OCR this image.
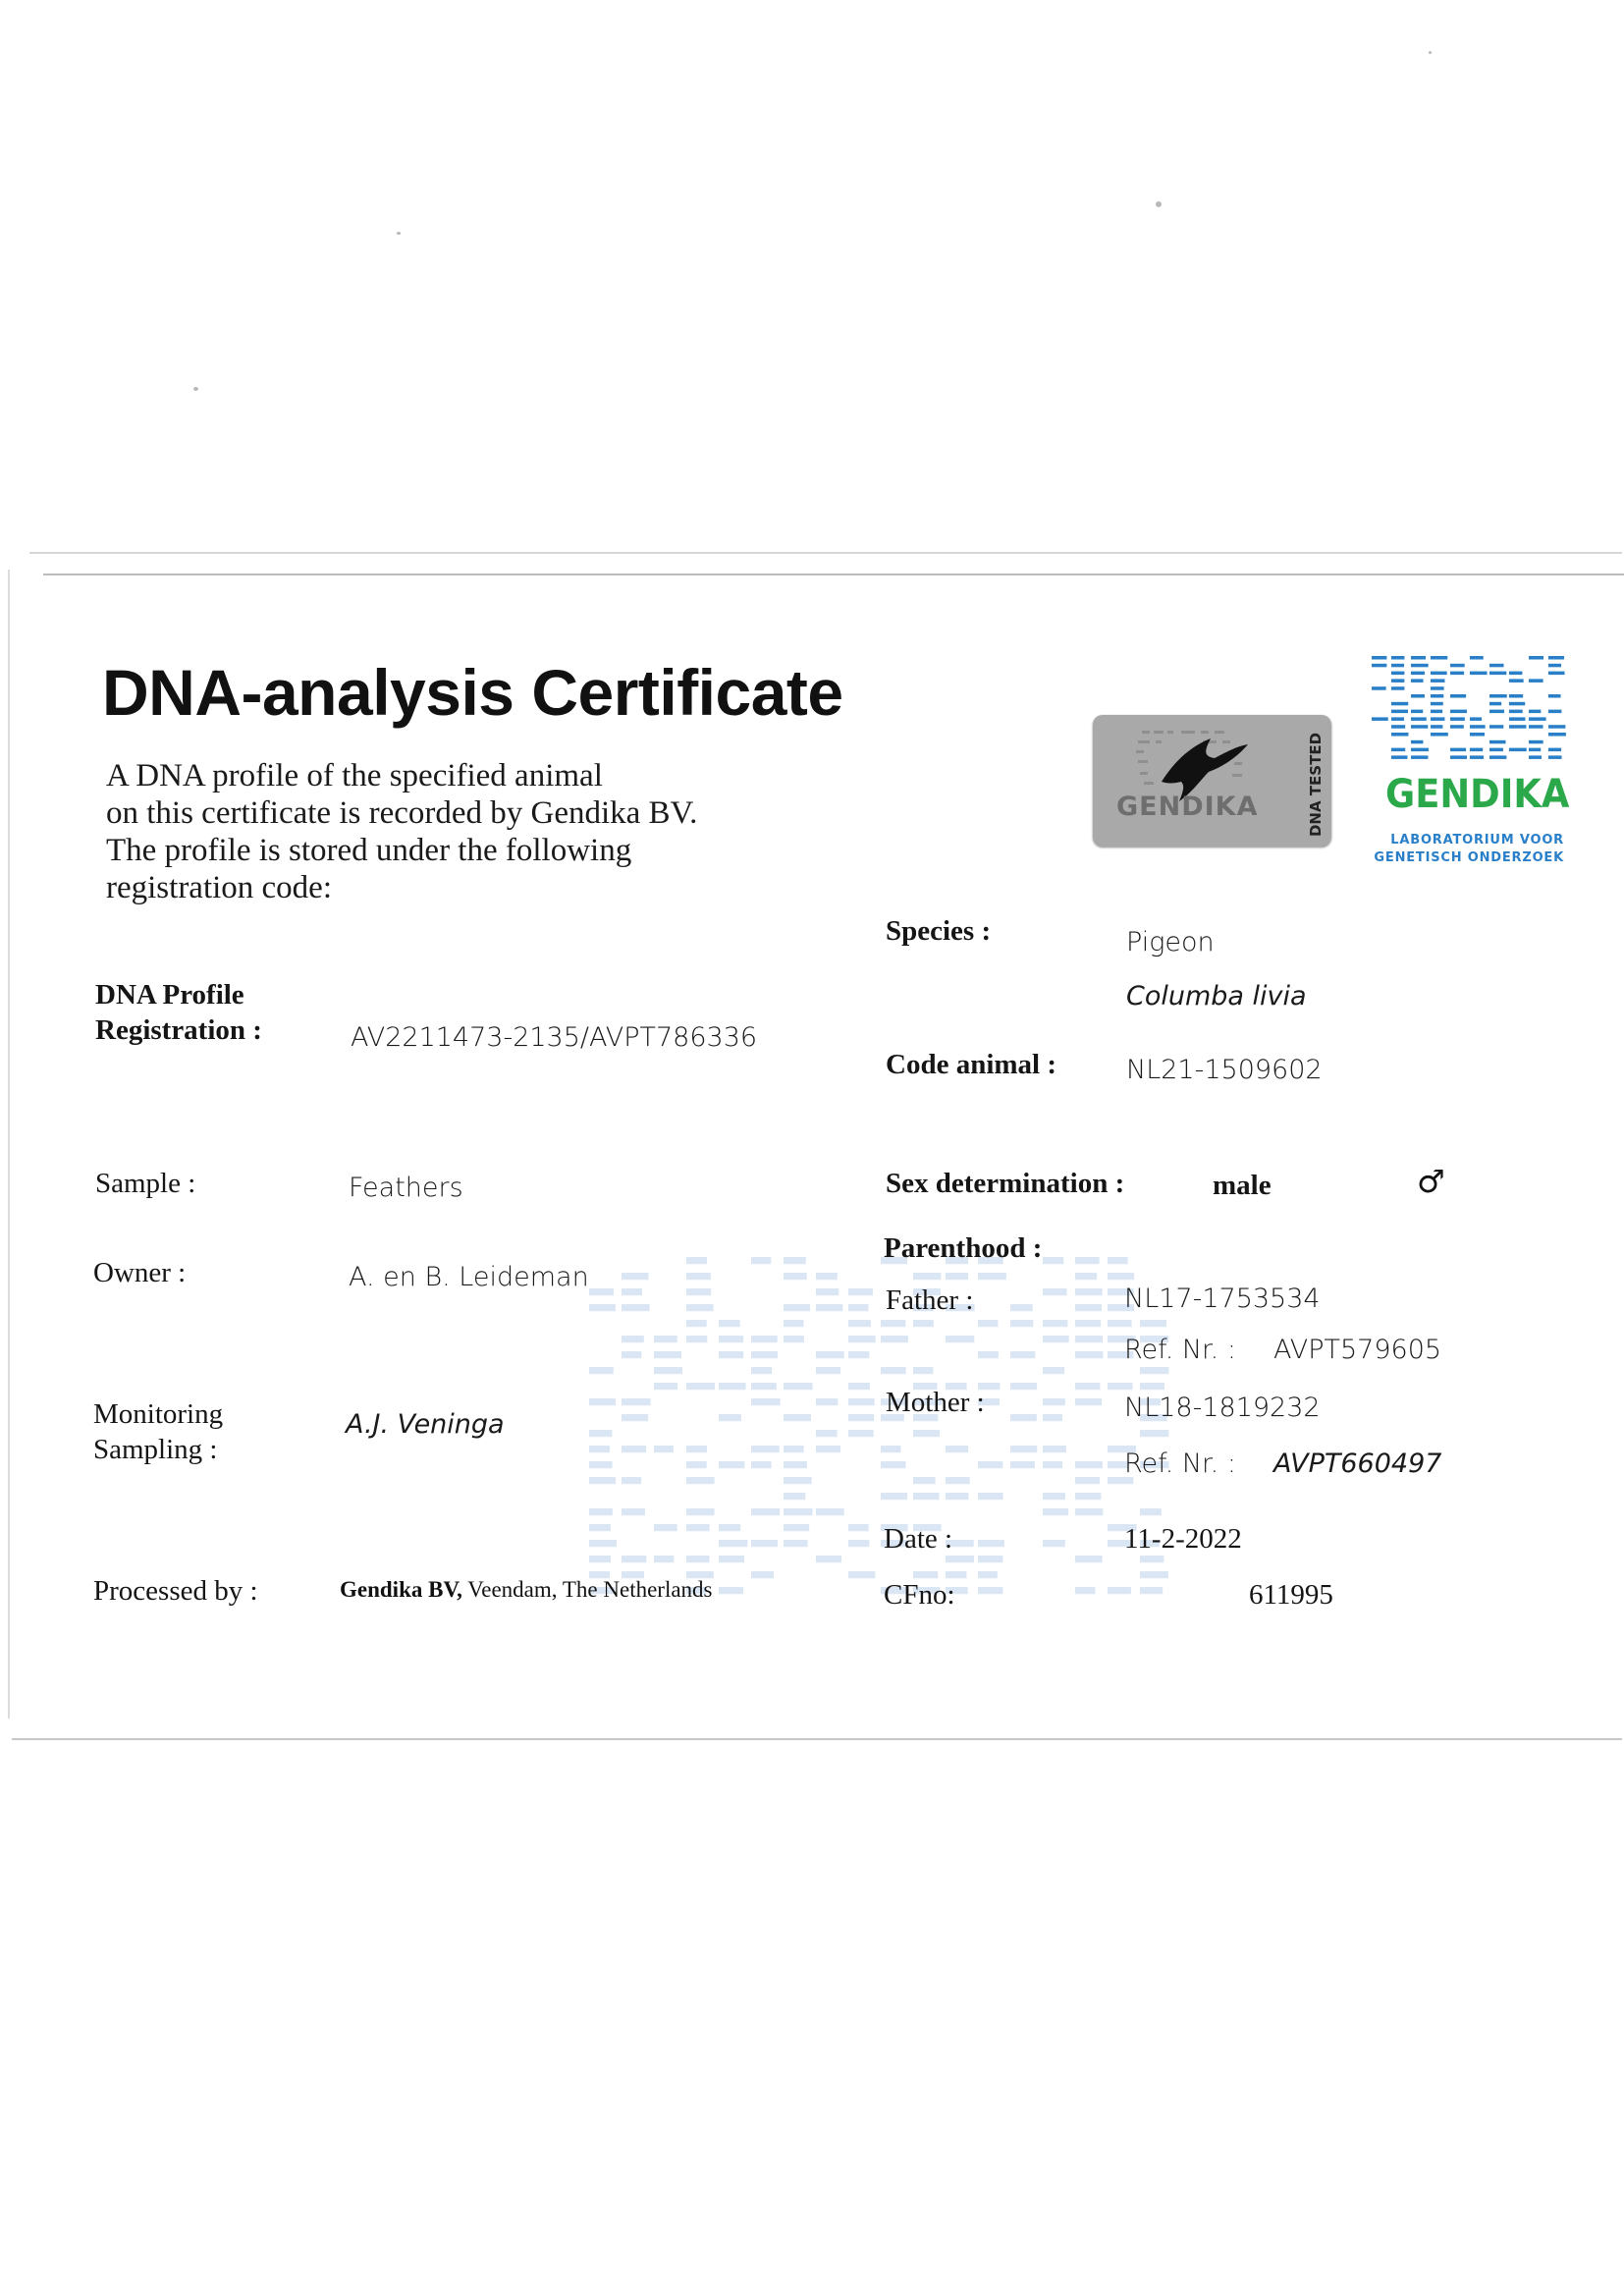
DNA-analysis Certificate
A DNA profile of the specified animal
on this certificate is recorded by Gendika BV.
The profile is stored under the following
registration code:
GENDIKA	DNA TESTED GENDIKA
LABORATORIUM VOOR
GENETISCH ONDERZOEK
DNA Profile
Registration :	AV2211473-2135/AVPT786336
Sample :	Feathers
Owner :	A. en B. Leideman
Monitoring
Sampling :
A.J. Veninga
Processed by :	Gendika BV, Veendam, The Netherlands
Species :	Pigeon
Columba livia
Code animal :	NL21-1509602
Sex determination :	male	♂
Parenthood :
Father :	NL17-1753534
Ref. Nr. : AVPT579605
Mother :	NL18-1819232
Ref. Nr. : AVPT660497
Date :	11-2-2022
CFno:	611995
